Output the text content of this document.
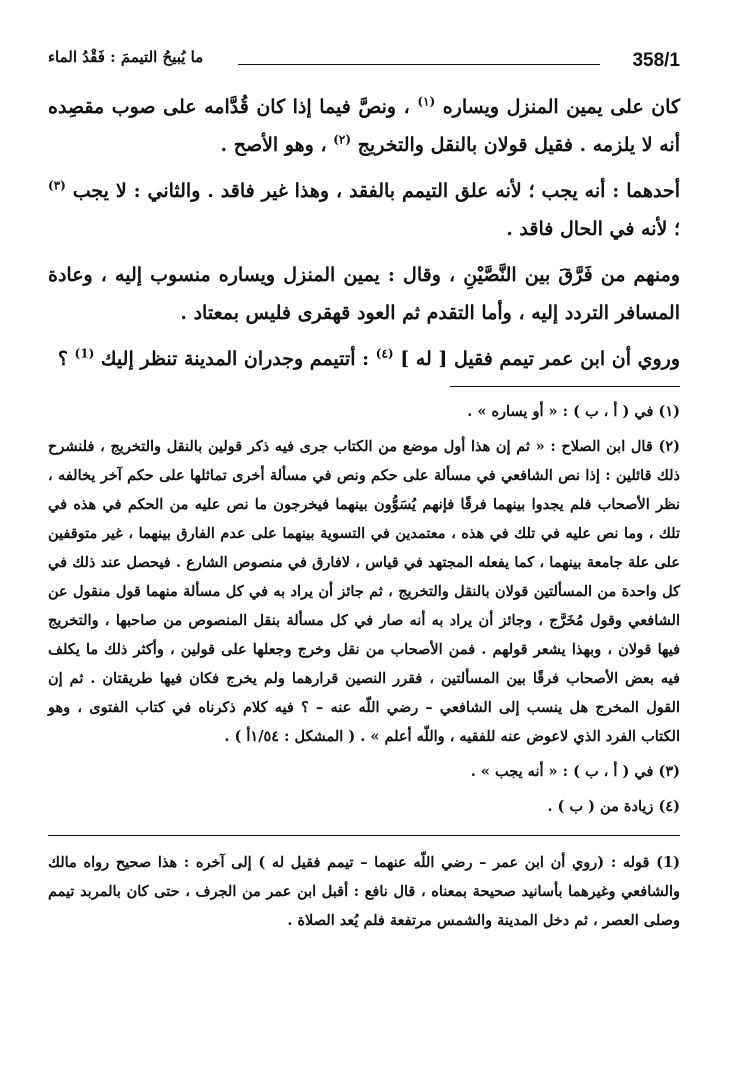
358/1
ما يُبيحُ التيممَ : فَقْدُ الماء

كان على يمين المنزل ويساره $^{(١)}$ ، ونصَّ فيما إذا كان قُدَّامه على صوب مقصِده أنه لا يلزمه . فقيل قولان بالنقل والتخريج $^{(٢)}$ ، وهو الأصح .

أحدهما : أنه يجب ؛ لأنه علق التيمم بالفقد ، وهذا غير فاقد . والثاني : لا يجب $^{(٣)}$ ؛ لأنه في الحال فاقد .

ومنهم من فَرَّقَ بين النَّصَّيْنِ ، وقال : يمين المنزل ويساره منسوب إليه ، وعادة المسافر التردد إليه ، وأما التقدم ثم العود قهقرى فليس بمعتاد .

وروي أن ابن عمر تيمم فقيل [ له ] $^{(٤)}$ : أتتيمم وجدران المدينة تنظر إليك $^{(1)}$ ؟

(١) في ( أ ، ب ) : « أو يساره » .

(٢) قال ابن الصلاح : « ثم إن هذا أول موضع من الكتاب جرى فيه ذكر قولين بالنقل والتخريج ، فلنشرح ذلك قائلين : إذا نص الشافعي في مسألة على حكم ونص في مسألة أخرى تماثلها على حكم آخر يخالفه ، نظر الأصحاب فلم يجدوا بينهما فرقًا فإنهم يُسَوُّون بينهما فيخرجون ما نص عليه من الحكم في هذه في تلك ، وما نص عليه في تلك في هذه ، معتمدين في التسوية بينهما على عدم الفارق بينهما ، غير متوقفين على علة جامعة بينهما ، كما يفعله المجتهد في قياس ، لافارق في منصوص الشارع . فيحصل عند ذلك في كل واحدة من المسألتين قولان بالنقل والتخريج ، ثم جائز أن يراد به في كل مسألة منهما قول منقول عن الشافعي وقول مُخَرَّج ، وجائز أن يراد به أنه صار في كل مسألة بنقل المنصوص من صاحبها ، والتخريج فيها قولان ، وبهذا يشعر قولهم . فمن الأصحاب من نقل وخرج وجعلها على قولين ، وأكثر ذلك ما يكلف فيه بعض الأصحاب فرقًا بين المسألتين ، فقرر النصين قرارهما ولم يخرج فكان فيها طريقتان . ثم إن القول المخرج هل ينسب إلى الشافعي – رضي اللّه عنه – ؟ فيه كلام ذكرناه في كتاب الفتوى ، وهو الكتاب الفرد الذي لاعوض عنه للفقيه ، واللّه أعلم » . ( المشكل : ١/٥٤أ ) .

(٣) في ( أ ، ب ) : « أنه يجب » .

(٤) زيادة من ( ب ) .

(1) قوله : (روي أن ابن عمر – رضي اللّه عنهما – تيمم فقيل له ) إلى آخره : هذا صحيح رواه مالك والشافعي وغيرهما بأسانيد صحيحة بمعناه ، قال نافع : أقبل ابن عمر من الجرف ، حتى كان بالمربد تيمم وصلى العصر ، ثم دخل المدينة والشمس مرتفعة فلم يُعد الصلاة .
